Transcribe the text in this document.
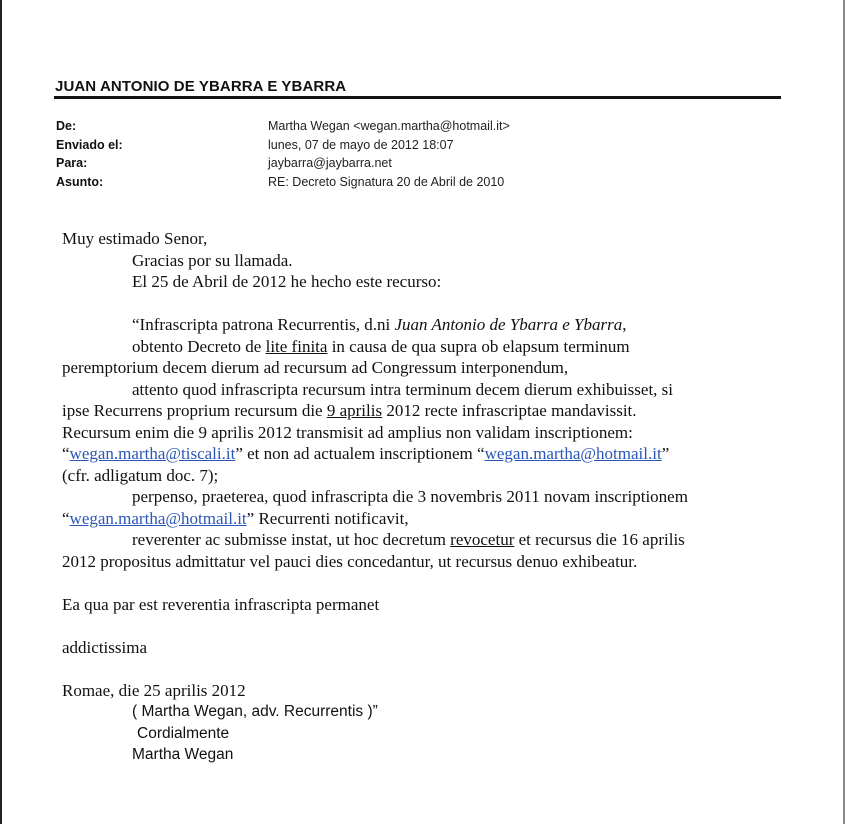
JUAN ANTONIO DE YBARRA E YBARRA
De:	Martha Wegan <wegan.martha@hotmail.it>
Enviado el:	lunes, 07 de mayo de 2012 18:07
Para:	jaybarra@jaybarra.net
Asunto:	RE: Decreto Signatura 20 de Abril de 2010
Muy estimado Senor,
Gracias por su llamada.
El 25 de Abril de 2012 he hecho este recurso:
“Infrascripta patrona Recurrentis, d.ni Juan Antonio de Ybarra e Ybarra,
obtento Decreto de lite finita in causa de qua supra ob elapsum terminum
peremptorium decem dierum ad recursum ad Congressum interponendum,
attento quod infrascripta recursum intra terminum decem dierum exhibuisset, si
ipse Recurrens proprium recursum die 9 aprilis 2012 recte infrascriptae mandavissit.
Recursum enim die 9 aprilis 2012 transmisit ad amplius non validam inscriptionem:
“wegan.martha@tiscali.it” et non ad actualem inscriptionem “wegan.martha@hotmail.it”
(cfr. adligatum doc. 7);
perpenso, praeterea, quod infrascripta die 3 novembris 2011 novam inscriptionem
“wegan.martha@hotmail.it” Recurrenti notificavit,
reverenter ac submisse instat, ut hoc decretum revocetur et recursus die 16 aprilis
2012 propositus admittatur vel pauci dies concedantur, ut recursus denuo exhibeatur.
Ea qua par est reverentia infrascripta permanet
addictissima
Romae, die 25 aprilis 2012
( Martha Wegan, adv. Recurrentis )”
Cordialmente
Martha Wegan
